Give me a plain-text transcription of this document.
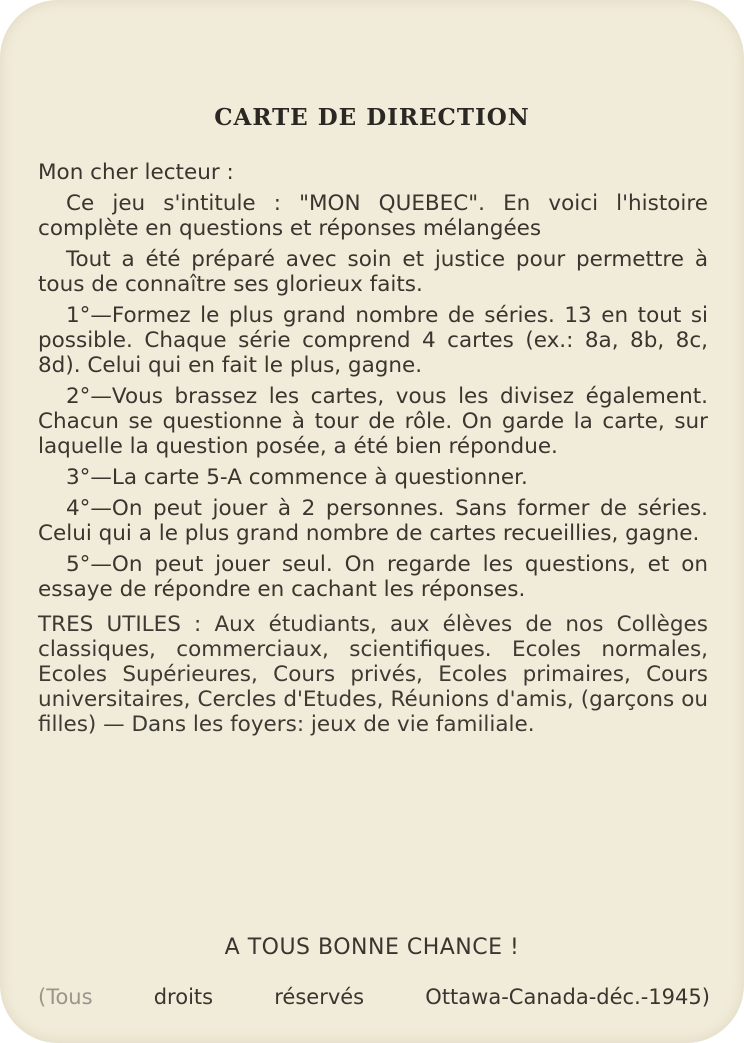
CARTE DE DIRECTION

Mon cher lecteur :

Ce jeu s'intitule : "MON QUEBEC". En voici l'histoire complète en questions et réponses mélangées

Tout a été préparé avec soin et justice pour permettre à tous de connaître ses glorieux faits.

1°—Formez le plus grand nombre de séries. 13 en tout si possible. Chaque série comprend 4 cartes (ex.: 8a, 8b, 8c, 8d). Celui qui en fait le plus, gagne.

2°—Vous brassez les cartes, vous les divisez également. Chacun se questionne à tour de rôle. On garde la carte, sur laquelle la question posée, a été bien répondue.

3°—La carte 5-A commence à questionner.

4°—On peut jouer à 2 personnes. Sans former de séries. Celui qui a le plus grand nombre de cartes recueillies, gagne.

5°—On peut jouer seul. On regarde les questions, et on essaye de répondre en cachant les réponses.

TRES UTILES : Aux étudiants, aux élèves de nos Collèges classiques, commerciaux, scientifiques. Ecoles normales, Ecoles Supérieures, Cours privés, Ecoles primaires, Cours universitaires, Cercles d'Etudes, Réunions d'amis, (garçons ou filles) — Dans les foyers: jeux de vie familiale.

A TOUS BONNE CHANCE !
(Tous	droits	réservés	Ottawa-Canada-déc.-1945)
